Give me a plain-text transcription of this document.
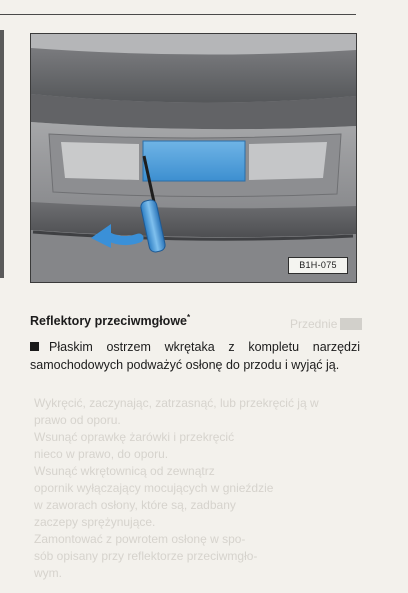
B1H-075
Reflektory przeciwmgłowe*	Przednie

Płaskim ostrzem wkrętaka z kompletu narzędzi samochodowych podważyć osłonę do przodu i wyjąć ją.

Wykręcić, zaczynając, zatrzasnąć, lub przekręcić ją w
prawo od oporu.
Wsunąć oprawkę żarówki i przekręcić
nieco w prawo, do oporu.
Wsunąć wkrętownicą od zewnątrz
opornik wyłączający mocujących w gnieździe
w zaworach osłony, które są, zadbany
zaczepy sprężynujące.
Zamontować z powrotem osłonę w spo-
sób opisany przy reflektorze przeciwmgło-
wym.
